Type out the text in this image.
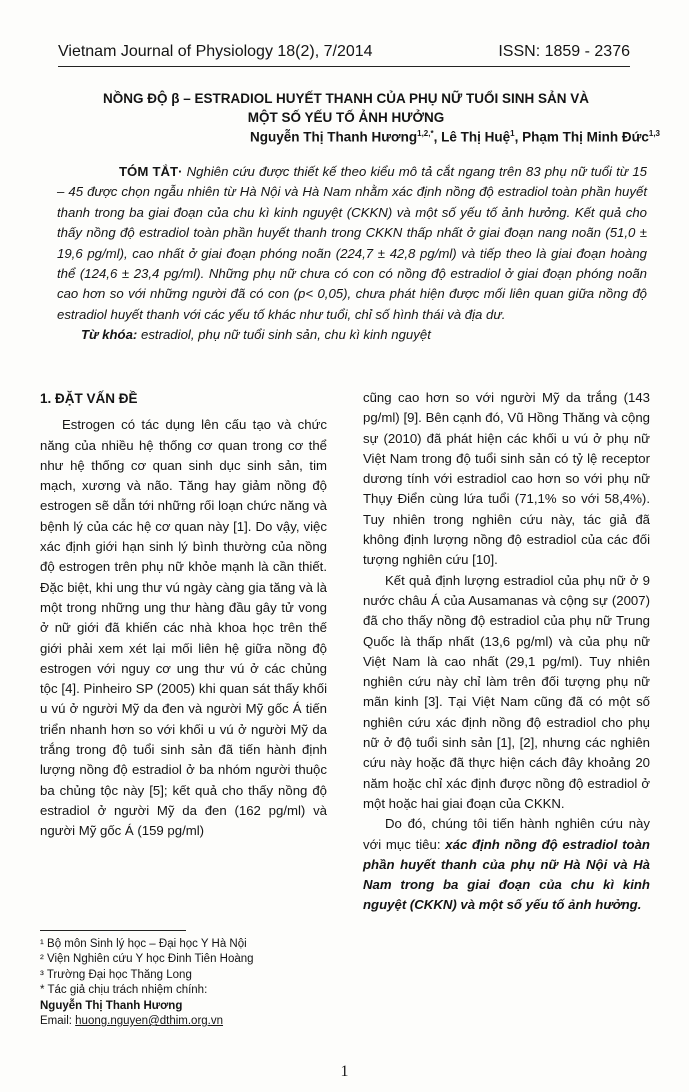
Vietnam Journal of Physiology 18(2), 7/2014	ISSN: 1859 - 2376
NỒNG ĐỘ β – ESTRADIOL HUYẾT THANH CỦA PHỤ NỮ TUỔI SINH SẢN VÀ
MỘT SỐ YẾU TỐ ẢNH HƯỞNG
Nguyễn Thị Thanh Hương$^{1,2,*}$, Lê Thị Huệ$^1$, Phạm Thị Minh Đức$^{1,3}$
TÓM TẮT· Nghiên cứu được thiết kế theo kiểu mô tả cắt ngang trên 83 phụ nữ tuổi từ 15 – 45 được chọn ngẫu nhiên từ Hà Nội và Hà Nam nhằm xác định nồng độ estradiol toàn phần huyết thanh trong ba giai đoạn của chu kì kinh nguyệt (CKKN) và một số yếu tố ảnh hưởng. Kết quả cho thấy nồng độ estradiol toàn phần huyết thanh trong CKKN thấp nhất ở giai đoạn nang noãn (51,0 ± 19,6 pg/ml), cao nhất ở giai đoạn phóng noãn (224,7 ± 42,8 pg/ml) và tiếp theo là giai đoạn hoàng thể (124,6 ± 23,4 pg/ml). Những phụ nữ chưa có con có nồng độ estradiol ở giai đoạn phóng noãn cao hơn so với những người đã có con (p< 0,05), chưa phát hiện được mối liên quan giữa nồng độ estradiol huyết thanh với các yếu tố khác như tuổi, chỉ số hình thái và địa dư.
Từ khóa: estradiol, phụ nữ tuổi sinh sản, chu kì kinh nguyệt
1. ĐẶT VẤN ĐỀ

Estrogen có tác dụng lên cấu tạo và chức năng của nhiều hệ thống cơ quan trong cơ thể như hệ thống cơ quan sinh dục sinh sản, tim mạch, xương và não. Tăng hay giảm nồng độ estrogen sẽ dẫn tới những rối loạn chức năng và bệnh lý của các hệ cơ quan này [1]. Do vậy, việc xác định giới hạn sinh lý bình thường của nồng độ estrogen trên phụ nữ khỏe mạnh là cần thiết. Đặc biệt, khi ung thư vú ngày càng gia tăng và là một trong những ung thư hàng đầu gây tử vong ở nữ giới đã khiến các nhà khoa học trên thế giới phải xem xét lại mối liên hệ giữa nồng độ estrogen với nguy cơ ung thư vú ở các chủng tộc [4]. Pinheiro SP (2005) khi quan sát thấy khối u vú ở người Mỹ da đen và người Mỹ gốc Á tiến triển nhanh hơn so với khối u vú ở người Mỹ da trắng trong độ tuổi sinh sản đã tiến hành định lượng nồng độ estradiol ở ba nhóm người thuộc ba chủng tộc này [5]; kết quả cho thấy nồng độ estradiol ở người Mỹ da đen (162 pg/ml) và người Mỹ gốc Á (159 pg/ml)

cũng cao hơn so với người Mỹ da trắng (143 pg/ml) [9]. Bên cạnh đó, Vũ Hồng Thăng và cộng sự (2010) đã phát hiện các khối u vú ở phụ nữ Việt Nam trong độ tuổi sinh sản có tỷ lệ receptor dương tính với estradiol cao hơn so với phụ nữ Thụy Điển cùng lứa tuổi (71,1% so với 58,4%). Tuy nhiên trong nghiên cứu này, tác giả đã không định lượng nồng độ estradiol của các đối tượng nghiên cứu [10].

Kết quả định lượng estradiol của phụ nữ ở 9 nước châu Á của Ausamanas và cộng sự (2007) đã cho thấy nồng độ estradiol của phụ nữ Trung Quốc là thấp nhất (13,6 pg/ml) và của phụ nữ Việt Nam là cao nhất (29,1 pg/ml). Tuy nhiên nghiên cứu này chỉ làm trên đối tượng phụ nữ mãn kinh [3]. Tại Việt Nam cũng đã có một số nghiên cứu xác định nồng độ estradiol cho phụ nữ ở độ tuổi sinh sản [1], [2], nhưng các nghiên cứu này hoặc đã thực hiện cách đây khoảng 20 năm hoặc chỉ xác định được nồng độ estradiol ở một hoặc hai giai đoạn của CKKN.

Do đó, chúng tôi tiến hành nghiên cứu này với mục tiêu: xác định nồng độ estradiol toàn phần huyết thanh của phụ nữ Hà Nội và Hà Nam trong ba giai đoạn của chu kì kinh nguyệt (CKKN) và một số yếu tố ảnh hưởng.

¹ Bộ môn Sinh lý học – Đại học Y Hà Nội
² Viện Nghiên cứu Y học Đinh Tiên Hoàng
³ Trường Đại học Thăng Long
* Tác giả chịu trách nhiệm chính:
Nguyễn Thị Thanh Hương
Email: huong.nguyen@dthim.org.vn
1
